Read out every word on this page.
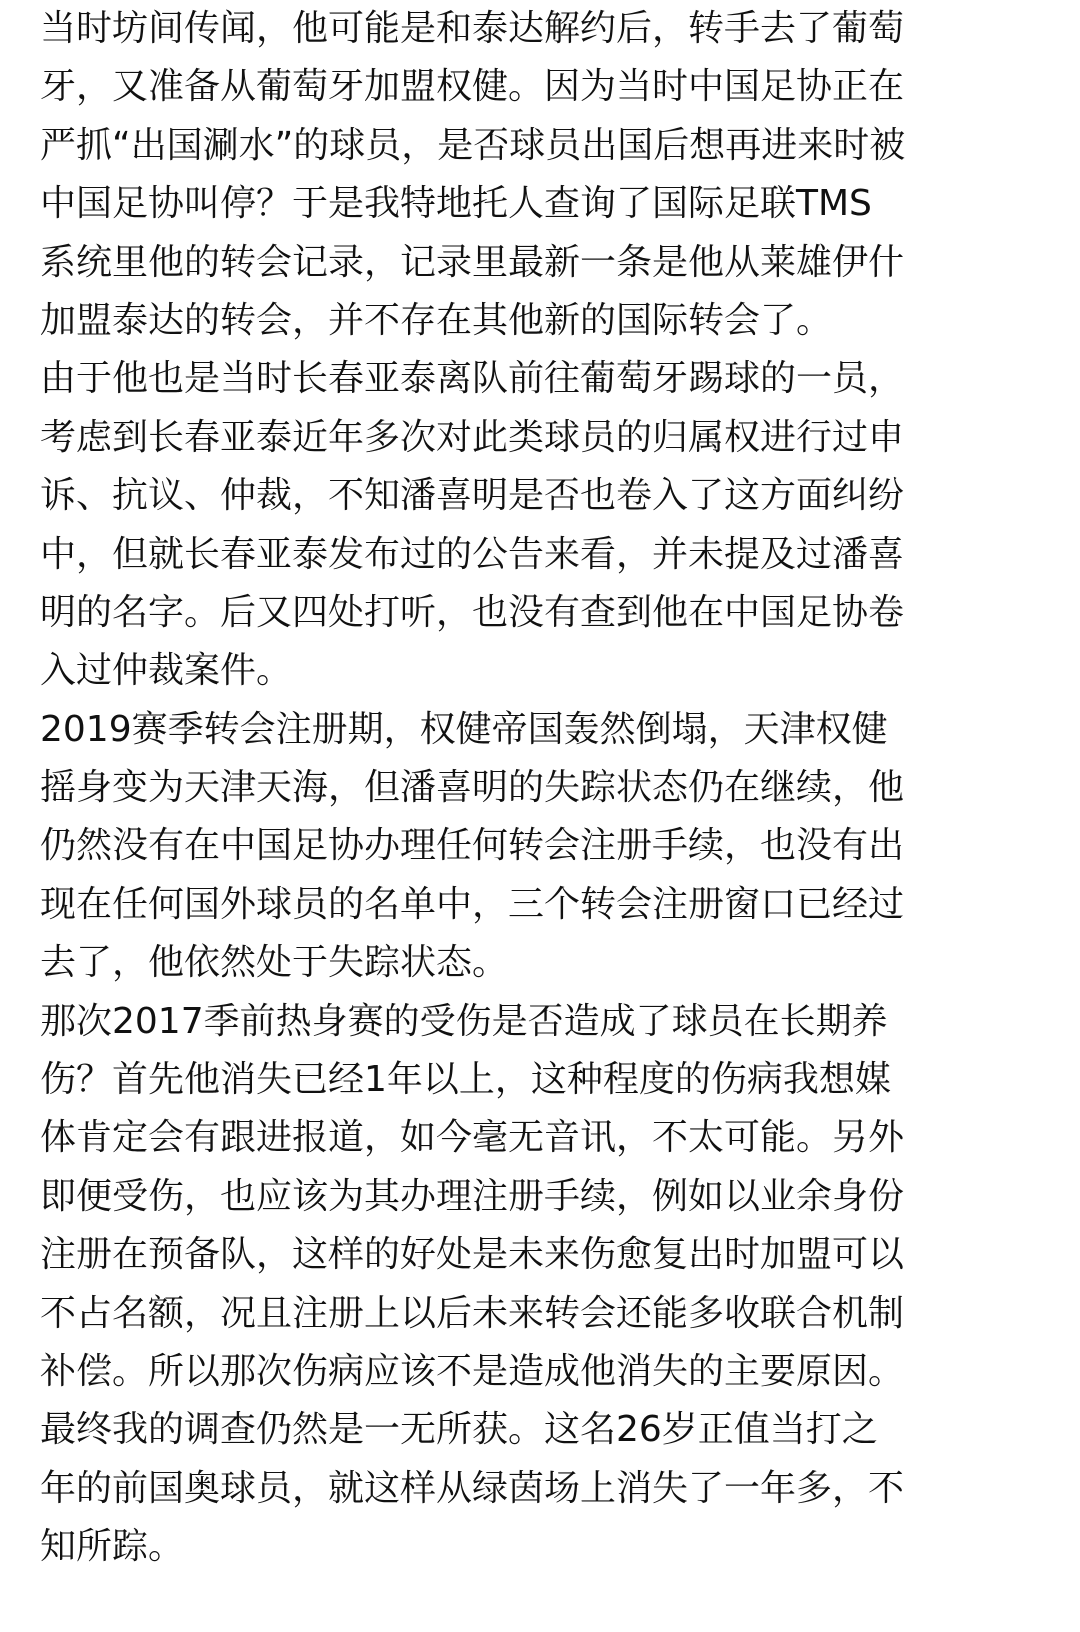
当时坊间传闻，他可能是和泰达解约后，转手去了葡萄
牙，又准备从葡萄牙加盟权健。因为当时中国足协正在
严抓“出国涮水”的球员，是否球员出国后想再进来时被
中国足协叫停？于是我特地托人查询了国际足联TMS
系统里他的转会记录，记录里最新一条是他从莱雄伊什
加盟泰达的转会，并不存在其他新的国际转会了。
由于他也是当时长春亚泰离队前往葡萄牙踢球的一员，
考虑到长春亚泰近年多次对此类球员的归属权进行过申
诉、抗议、仲裁，不知潘喜明是否也卷入了这方面纠纷
中，但就长春亚泰发布过的公告来看，并未提及过潘喜
明的名字。后又四处打听，也没有查到他在中国足协卷
入过仲裁案件。
2019赛季转会注册期，权健帝国轰然倒塌，天津权健
摇身变为天津天海，但潘喜明的失踪状态仍在继续，他
仍然没有在中国足协办理任何转会注册手续，也没有出
现在任何国外球员的名单中，三个转会注册窗口已经过
去了，他依然处于失踪状态。
那次2017季前热身赛的受伤是否造成了球员在长期养
伤？首先他消失已经1年以上，这种程度的伤病我想媒
体肯定会有跟进报道，如今毫无音讯，不太可能。另外
即便受伤，也应该为其办理注册手续，例如以业余身份
注册在预备队，这样的好处是未来伤愈复出时加盟可以
不占名额，况且注册上以后未来转会还能多收联合机制
补偿。所以那次伤病应该不是造成他消失的主要原因。
最终我的调查仍然是一无所获。这名26岁正值当打之
年的前国奥球员，就这样从绿茵场上消失了一年多，不
知所踪。
